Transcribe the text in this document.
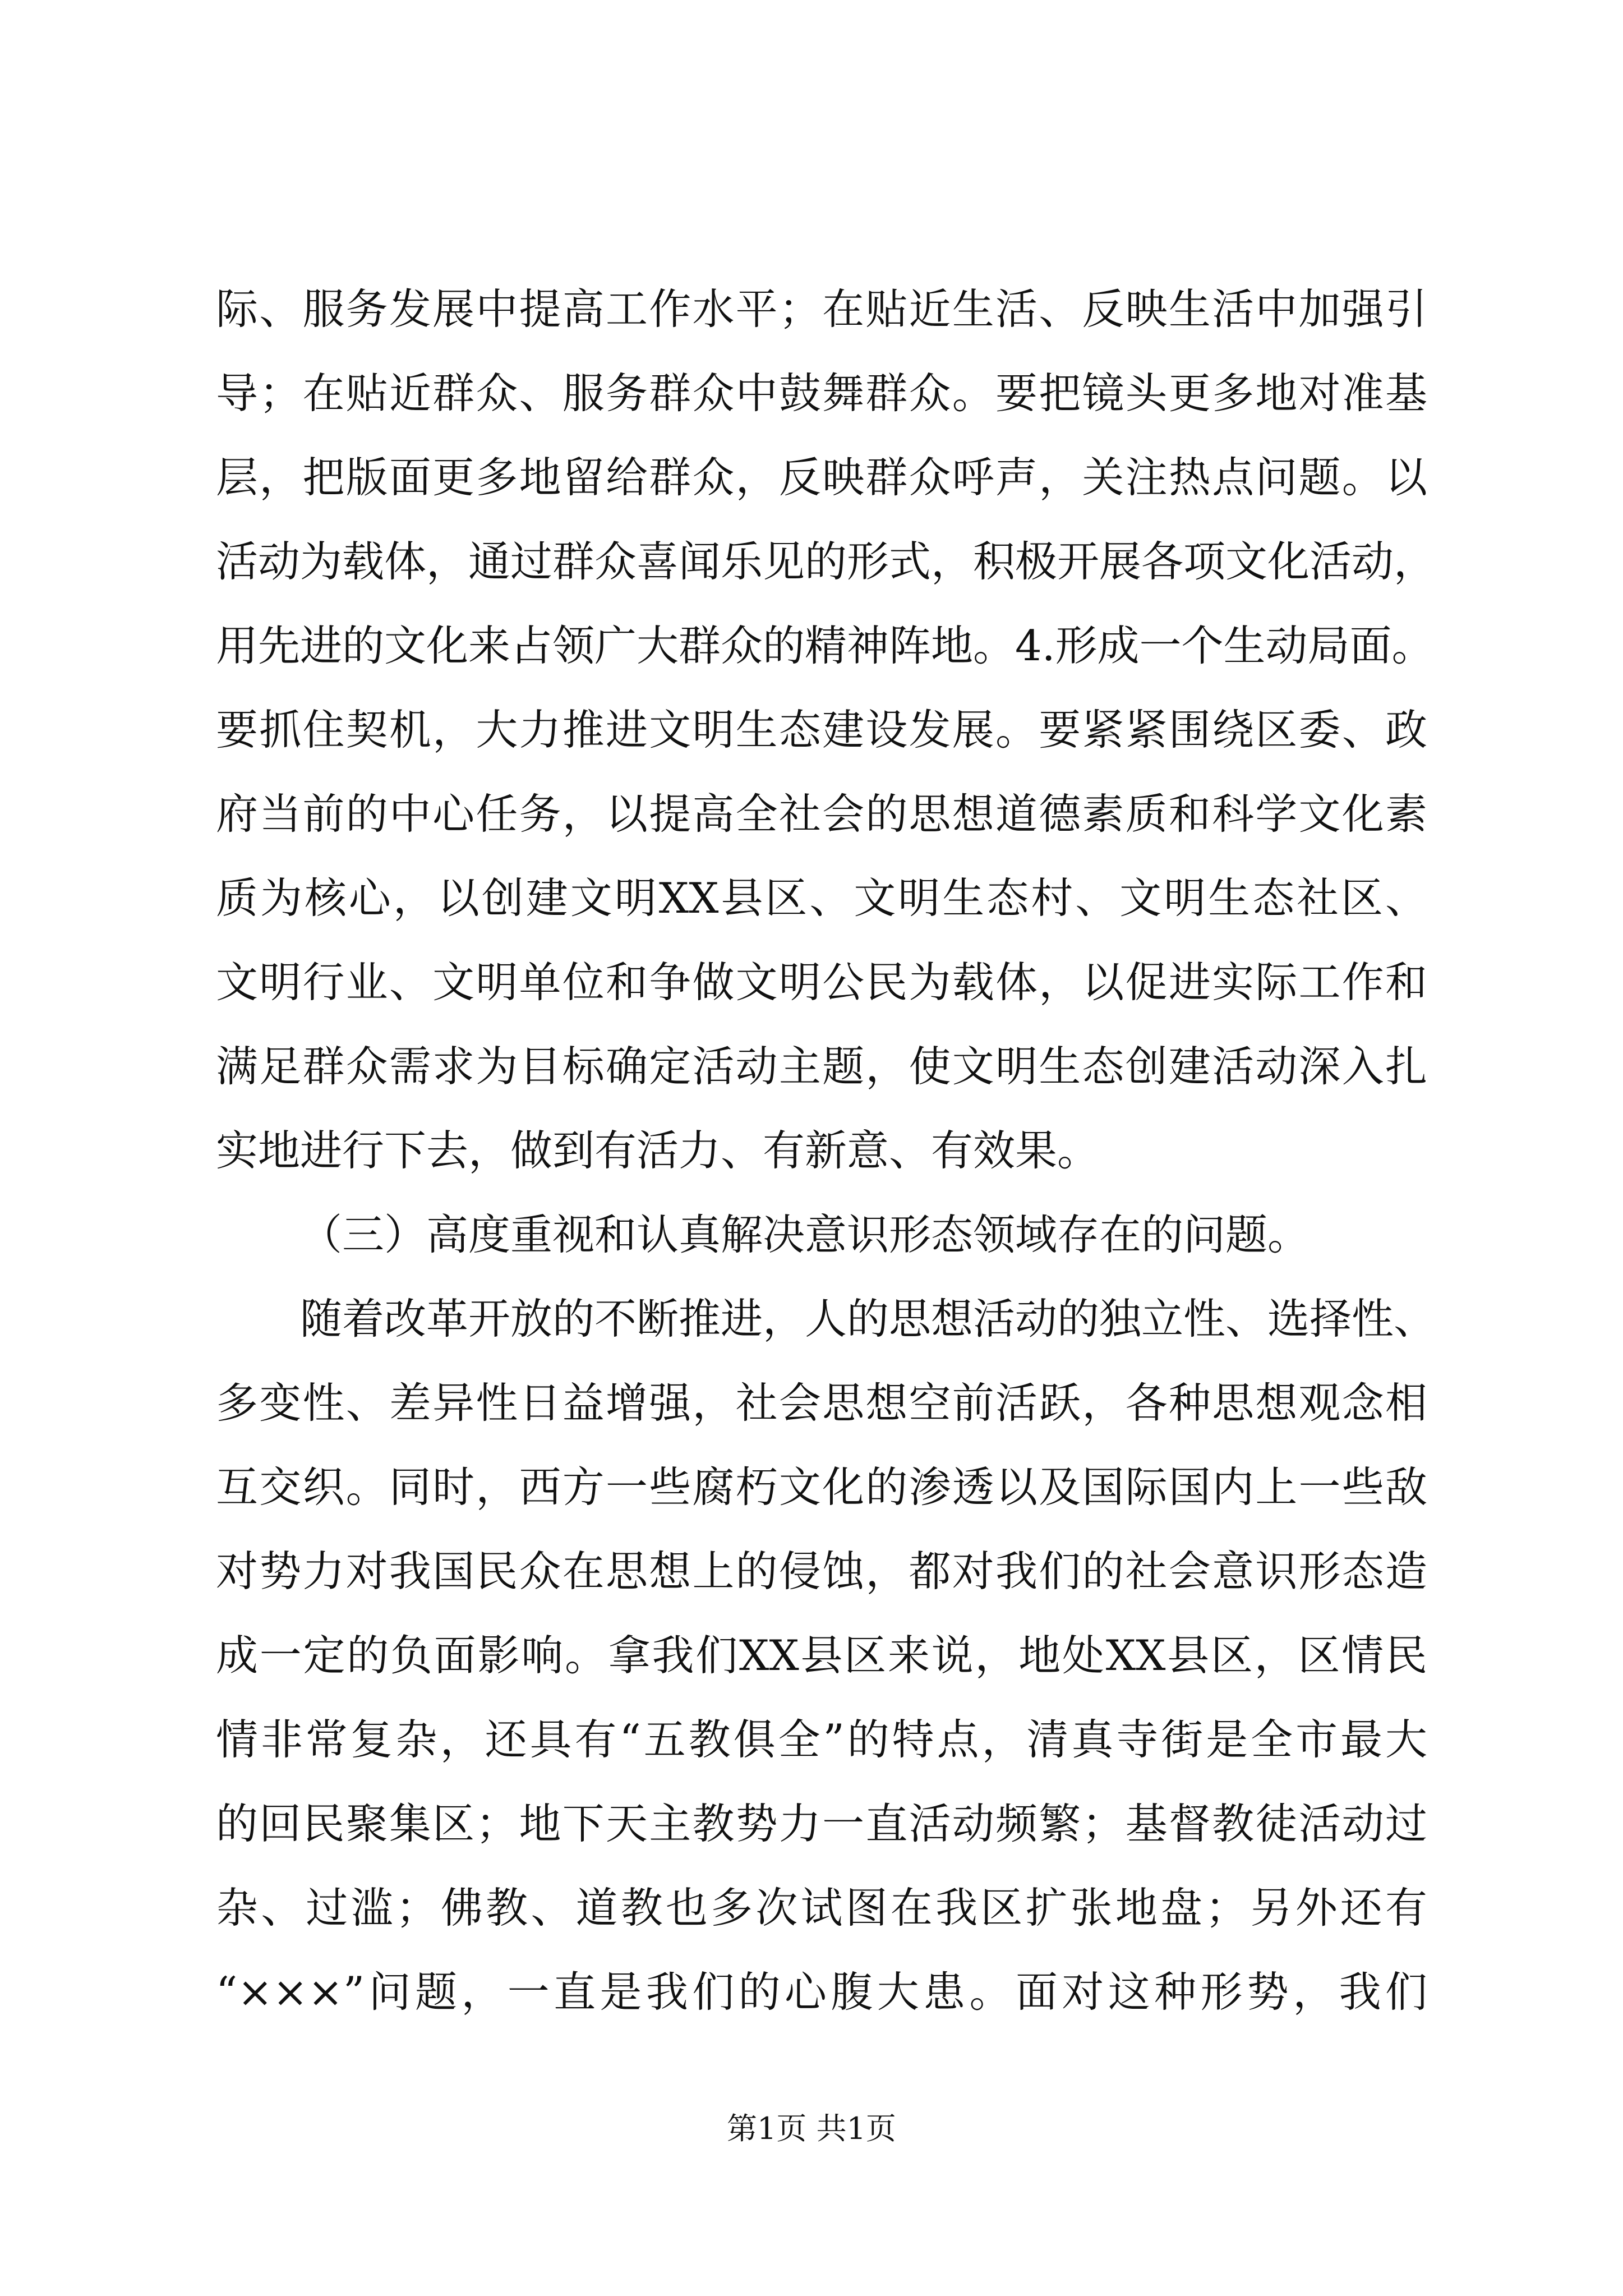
际、服务发展中提高工作水平；在贴近生活、反映生活中加强引
导；在贴近群众、服务群众中鼓舞群众。要把镜头更多地对准基
层，把版面更多地留给群众，反映群众呼声，关注热点问题。以
活动为载体，通过群众喜闻乐见的形式，积极开展各项文化活动，
用先进的文化来占领广大群众的精神阵地。4.形成一个生动局面。
要抓住契机，大力推进文明生态建设发展。要紧紧围绕区委、政
府当前的中心任务，以提高全社会的思想道德素质和科学文化素
质为核心，以创建文明XX县区、文明生态村、文明生态社区、
文明行业、文明单位和争做文明公民为载体，以促进实际工作和
满足群众需求为目标确定活动主题，使文明生态创建活动深入扎
实地进行下去，做到有活力、有新意、有效果。
（三）高度重视和认真解决意识形态领域存在的问题。
随着改革开放的不断推进，人的思想活动的独立性、选择性、
多变性、差异性日益增强，社会思想空前活跃，各种思想观念相
互交织。同时，西方一些腐朽文化的渗透以及国际国内上一些敌
对势力对我国民众在思想上的侵蚀，都对我们的社会意识形态造
成一定的负面影响。拿我们XX县区来说，地处XX县区，区情民
情非常复杂，还具有“五教俱全”的特点，清真寺街是全市最大
的回民聚集区；地下天主教势力一直活动频繁；基督教徒活动过
杂、过滥；佛教、道教也多次试图在我区扩张地盘；另外还有
“×××”问题，一直是我们的心腹大患。面对这种形势，我们
第1页 共1页
